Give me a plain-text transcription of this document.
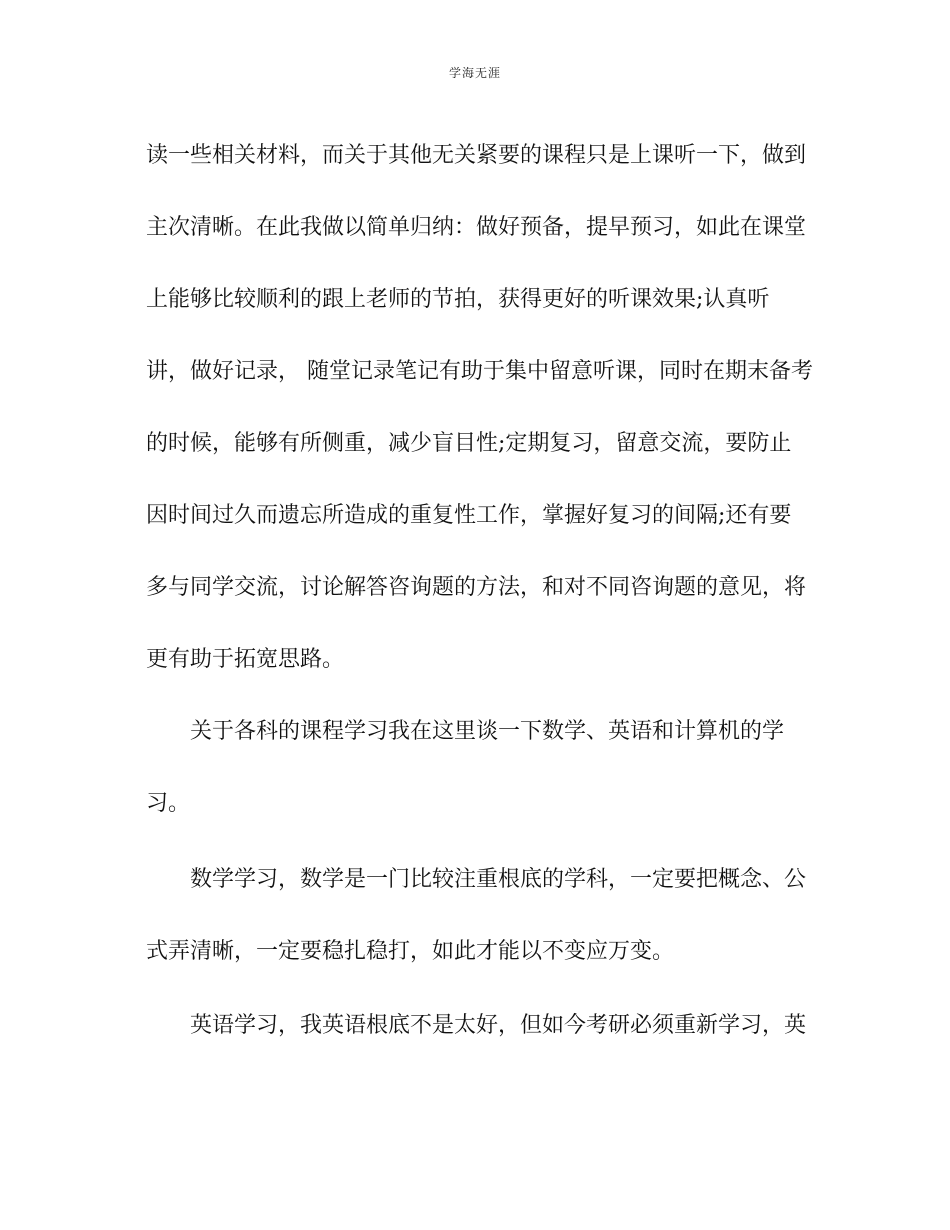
学海无涯
读一些相关材料，而关于其他无关紧要的课程只是上课听一下，做到
主次清晰。在此我做以简单归纳：做好预备，提早预习，如此在课堂
上能够比较顺利的跟上老师的节拍，获得更好的听课效果;认真听
讲，做好记录， 随堂记录笔记有助于集中留意听课，同时在期末备考
的时候，能够有所侧重，减少盲目性;定期复习，留意交流，要防止
因时间过久而遗忘所造成的重复性工作，掌握好复习的间隔;还有要
多与同学交流，讨论解答咨询题的方法，和对不同咨询题的意见，将
更有助于拓宽思路。
关于各科的课程学习我在这里谈一下数学、英语和计算机的学
习。
数学学习，数学是一门比较注重根底的学科，一定要把概念、公
式弄清晰，一定要稳扎稳打，如此才能以不变应万变。
英语学习，我英语根底不是太好，但如今考研必须重新学习，英
